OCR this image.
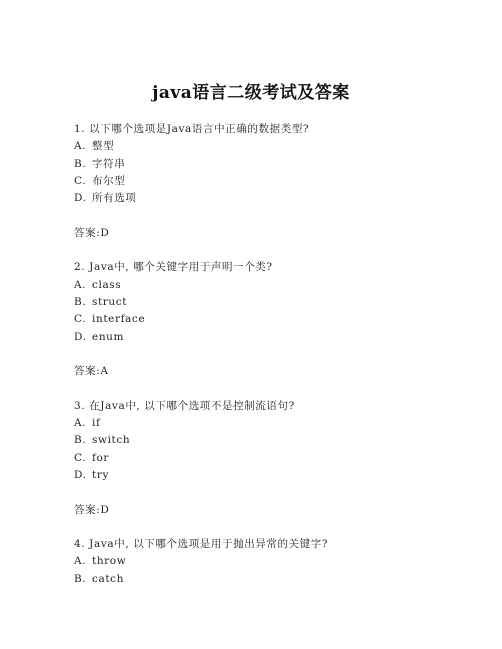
java语言二级考试及答案
1. 以下哪个选项是Java语言中正确的数据类型?
A. 整型
B. 字符串
C. 布尔型
D. 所有选项
答案:D
2. Java中, 哪个关键字用于声明一个类?
A. class
B. struct
C. interface
D. enum
答案:A
3. 在Java中, 以下哪个选项不是控制流语句?
A. if
B. switch
C. for
D. try
答案:D
4. Java中, 以下哪个选项是用于抛出异常的关键字?
A. throw
B. catch
